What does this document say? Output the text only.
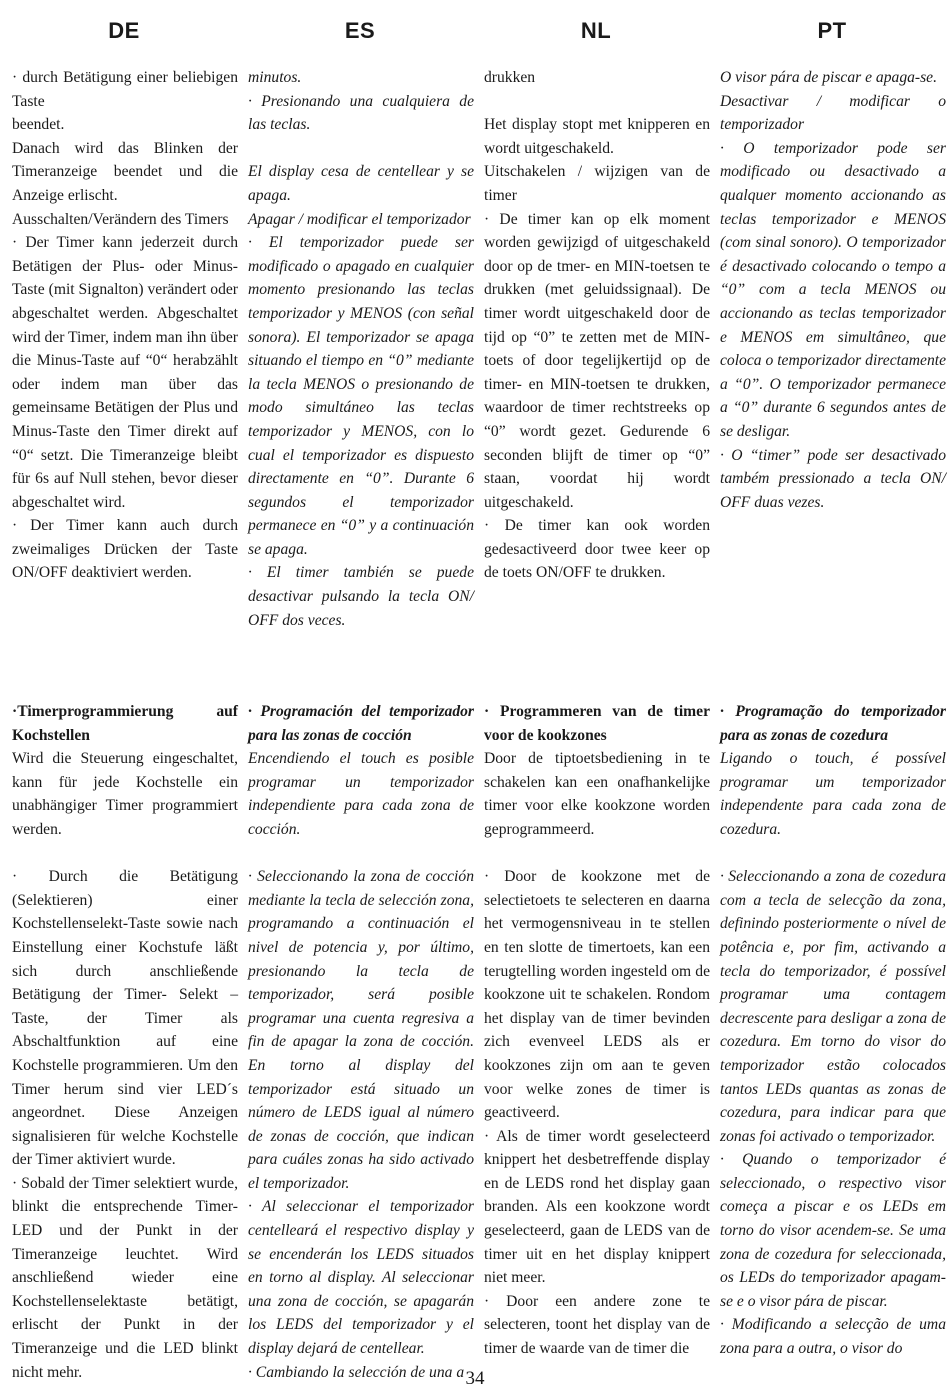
DE	ES	NL	PT

· durch Betätigung einer beliebigen Taste

beendet.

Danach wird das Blinken der Timeranzeige beendet und die Anzeige erlischt.

Ausschalten/Verändern des Timers

· Der Timer kann jederzeit durch Betätigen der Plus- oder Minus-Taste (mit Signalton) verändert oder abgeschaltet werden. Abgeschaltet wird der Timer, indem man ihn über die Minus-Taste auf “0“ herabzählt oder indem man über das gemeinsame Betätigen der Plus und Minus-Taste den Timer direkt auf “0“ setzt. Die Timeranzeige bleibt für 6s auf Null stehen, bevor dieser abgeschaltet wird.

· Der Timer kann auch durch zweimaliges Drücken der Taste ON/OFF deaktiviert werden.

minutos.

· Presionando una cualquiera de las teclas.

El display cesa de centellear y se apaga.

Apagar / modificar el temporizador

· El temporizador puede ser modificado o apagado en cualquier momento presionando las teclas temporizador y MENOS (con señal sonora). El temporizador se apaga situando el tiempo en “0” mediante la tecla MENOS o presionando de modo simultáneo las teclas temporizador y MENOS, con lo cual el temporizador es dispuesto directamente en “0”. Durante 6 segundos el temporizador permanece en “0” y a continuación se apaga.

· El timer también se puede desactivar pulsando la tecla ON/ OFF dos veces.

drukken

Het display stopt met knipperen en wordt uitgeschakeld.

Uitschakelen / wijzigen van de timer

· De timer kan op elk moment worden gewijzigd of uitgeschakeld door op de tmer- en MIN-toetsen te drukken (met geluidssignaal). De timer wordt uitgeschakeld door de tijd op “0” te zetten met de MIN-toets of door tegelijkertijd op de timer- en MIN-toetsen te drukken, waardoor de timer rechtstreeks op “0” wordt gezet. Gedurende 6 seconden blijft de timer op “0” staan, voordat hij wordt uitgeschakeld.

· De timer kan ook worden gedesactiveerd door twee keer op de toets ON/OFF te drukken.

O visor pára de piscar e apaga-se.

Desactivar / modificar o temporizador

· O temporizador pode ser modificado ou desactivado a qualquer momento accionando as teclas temporizador e MENOS (com sinal sonoro). O temporizador é desactivado colocando o tempo a “0” com a tecla MENOS ou accionando as teclas temporizador e MENOS em simultâneo, que coloca o temporizador directamente a “0”. O temporizador permanece a “0” durante 6 segundos antes de se desligar.

· O “timer” pode ser desactivado também pressionado a tecla ON/ OFF duas vezes.

·Timerprogrammierung auf Kochstellen

Wird die Steuerung eingeschaltet, kann für jede Kochstelle ein unabhängiger Timer programmiert werden.

· Durch die Betätigung (Selektieren) einer Kochstellenselekt-Taste sowie nach Einstellung einer Kochstufe läßt sich durch anschließende Betätigung der Timer- Selekt –Taste, der Timer als Abschaltfunktion auf eine Kochstelle programmieren. Um den Timer herum sind vier LED´s angeordnet. Diese Anzeigen signalisieren für welche Kochstelle der Timer aktiviert wurde.

· Sobald der Timer selektiert wurde, blinkt die entsprechende Timer-LED und der Punkt in der Timeranzeige leuchtet. Wird anschließend wieder eine Kochstellenselektaste betätigt, erlischt der Punkt in der Timeranzeige und die LED blinkt nicht mehr.

· Programación del temporizador para las zonas de cocción

Encendiendo el touch es posible programar un temporizador independiente para cada zona de cocción.

· Seleccionando la zona de cocción mediante la tecla de selección zona, programando a continuación el nivel de potencia y, por último, presionando la tecla de temporizador, será posible programar una cuenta regresiva a fin de apagar la zona de cocción. En torno al display del temporizador está situado un número de LEDS igual al número de zonas de cocción, que indican para cuáles zonas ha sido activado el temporizador.

· Al seleccionar el temporizador centelleará el respectivo display y se encenderán los LEDS situados en torno al display. Al seleccionar una zona de cocción, se apagarán los LEDS del temporizador y el display dejará de centellear.

· Cambiando la selección de una a

· Programmeren van de timer voor de kookzones

Door de tiptoetsbediening in te schakelen kan een onafhankelijke timer voor elke kookzone worden geprogrammeerd.

· Door de kookzone met de selectietoets te selecteren en daarna het vermogensniveau in te stellen en ten slotte de timertoets, kan een terugtelling worden ingesteld om de kookzone uit te schakelen. Rondom het display van de timer bevinden zich evenveel LEDS als er kookzones zijn om aan te geven voor welke zones de timer is geactiveerd.

· Als de timer wordt geselecteerd knippert het desbetreffende display en de LEDS rond het display gaan branden. Als een kookzone wordt geselecteerd, gaan de LEDS van de timer uit en het display knippert niet meer.

· Door een andere zone te selecteren, toont het display van de timer de waarde van de timer die

· Programação do temporizador para as zonas de cozedura

Ligando o touch, é possível programar um temporizador independente para cada zona de cozedura.

· Seleccionando a zona de cozedura com a tecla de selecção da zona, definindo posteriormente o nível de potência e, por fim, activando a tecla do temporizador, é possível programar uma contagem decrescente para desligar a zona de cozedura. Em torno do visor do temporizador estão colocados tantos LEDs quantas as zonas de cozedura, para indicar para que zonas foi activado o temporizador.

· Quando o temporizador é seleccionado, o respectivo visor começa a piscar e os LEDs em torno do visor acendem-se. Se uma zona de cozedura for seleccionada, os LEDs do temporizador apagam-se e o visor pára de piscar.

· Modificando a selecção de uma zona para a outra, o visor do

34
